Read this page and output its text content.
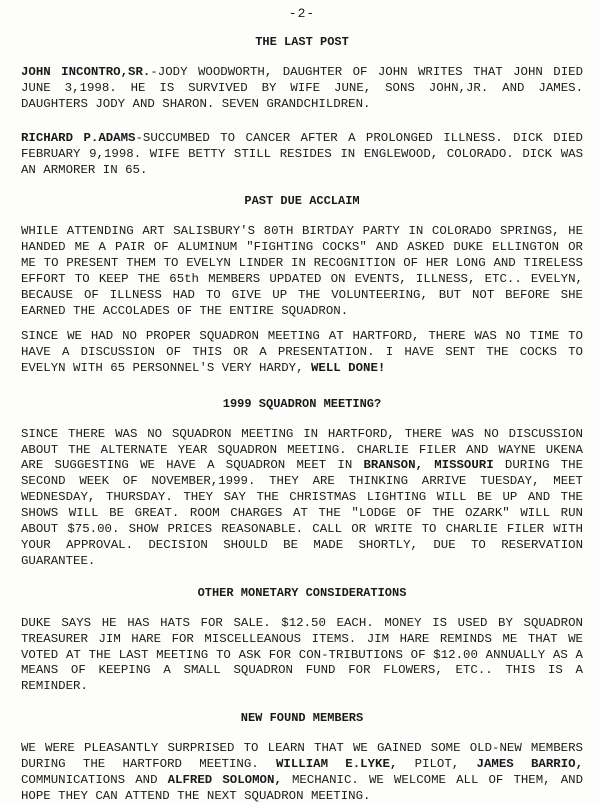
-2-
THE LAST POST

JOHN INCONTRO,SR.-JODY WOODWORTH, DAUGHTER OF JOHN WRITES THAT JOHN DIED JUNE 3,1998. HE IS SURVIVED BY WIFE JUNE, SONS JOHN,JR. AND JAMES. DAUGHTERS JODY AND SHARON. SEVEN GRANDCHILDREN.

RICHARD P.ADAMS-SUCCUMBED TO CANCER AFTER A PROLONGED ILLNESS. DICK DIED FEBRUARY 9,1998. WIFE BETTY STILL RESIDES IN ENGLEWOOD, COLORADO. DICK WAS AN ARMORER IN 65.

PAST DUE ACCLAIM

WHILE ATTENDING ART SALISBURY'S 80TH BIRTDAY PARTY IN COLORADO SPRINGS, HE HANDED ME A PAIR OF ALUMINUM "FIGHTING COCKS" AND ASKED DUKE ELLINGTON OR ME TO PRESENT THEM TO EVELYN LINDER IN RECOGNITION OF HER LONG AND TIRELESS EFFORT TO KEEP THE 65th MEMBERS UPDATED ON EVENTS, ILLNESS, ETC.. EVELYN, BECAUSE OF ILLNESS HAD TO GIVE UP THE VOLUNTEERING, BUT NOT BEFORE SHE EARNED THE ACCOLADES OF THE ENTIRE SQUADRON.

SINCE WE HAD NO PROPER SQUADRON MEETING AT HARTFORD, THERE WAS NO TIME TO HAVE A DISCUSSION OF THIS OR A PRESENTATION. I HAVE SENT THE COCKS TO EVELYN WITH 65 PERSONNEL'S VERY HARDY, WELL DONE!

1999 SQUADRON MEETING?

SINCE THERE WAS NO SQUADRON MEETING IN HARTFORD, THERE WAS NO DISCUSSION ABOUT THE ALTERNATE YEAR SQUADRON MEETING. CHARLIE FILER AND WAYNE UKENA ARE SUGGESTING WE HAVE A SQUADRON MEET IN BRANSON, MISSOURI DURING THE SECOND WEEK OF NOVEMBER,1999. THEY ARE THINKING ARRIVE TUESDAY, MEET WEDNESDAY, THURSDAY. THEY SAY THE CHRISTMAS LIGHTING WILL BE UP AND THE SHOWS WILL BE GREAT. ROOM CHARGES AT THE "LODGE OF THE OZARK" WILL RUN ABOUT $75.00. SHOW PRICES REASONABLE. CALL OR WRITE TO CHARLIE FILER WITH YOUR APPROVAL. DECISION SHOULD BE MADE SHORTLY, DUE TO RESERVATION GUARANTEE.

OTHER MONETARY CONSIDERATIONS

DUKE SAYS HE HAS HATS FOR SALE. $12.50 EACH. MONEY IS USED BY SQUADRON TREASURER JIM HARE FOR MISCELLEANOUS ITEMS. JIM HARE REMINDS ME THAT WE VOTED AT THE LAST MEETING TO ASK FOR CON-TRIBUTIONS OF $12.00 ANNUALLY AS A MEANS OF KEEPING A SMALL SQUADRON FUND FOR FLOWERS, ETC.. THIS IS A REMINDER.

NEW FOUND MEMBERS

WE WERE PLEASANTLY SURPRISED TO LEARN THAT WE GAINED SOME OLD-NEW MEMBERS DURING THE HARTFORD MEETING. WILLIAM E.LYKE, PILOT, JAMES BARRIO, COMMUNICATIONS AND ALFRED SOLOMON, MECHANIC. WE WELCOME ALL OF THEM, AND HOPE THEY CAN ATTEND THE NEXT SQUADRON MEETING.
